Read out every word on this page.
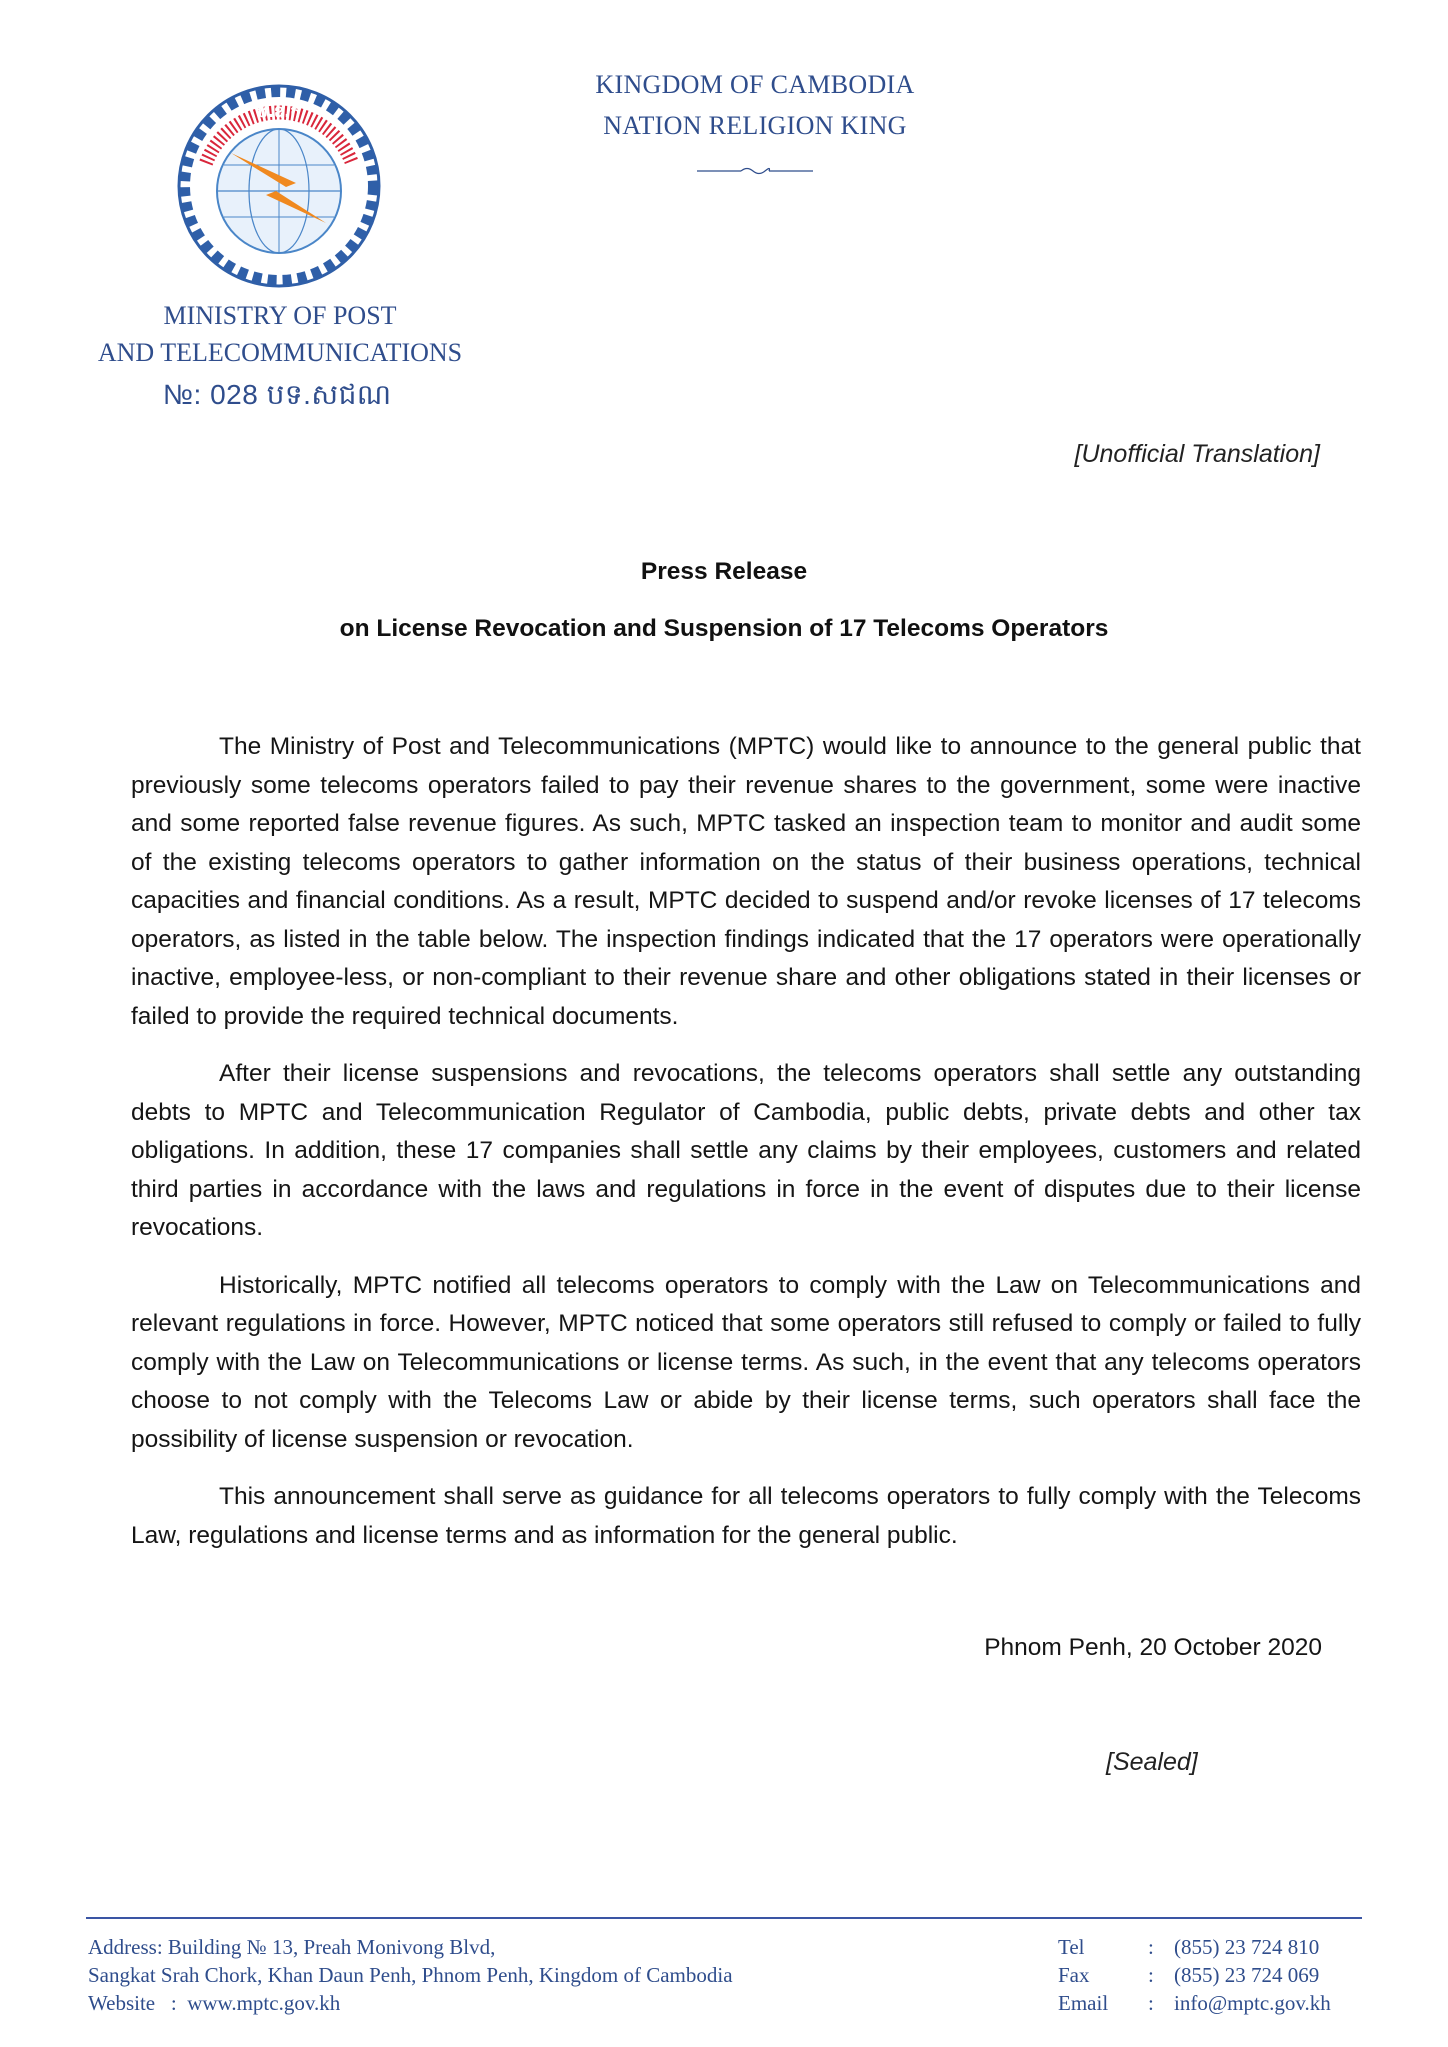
KINGDOM OF CAMBODIA
NATION RELIGION KING
ប.ឧ.ក
P.T.C
MINISTRY OF POST
AND TELECOMMUNICATIONS
№: 028 បទ.សជណ
[Unofficial Translation]
Press Release
on License Revocation and Suspension of 17 Telecoms Operators

The Ministry of Post and Telecommunications (MPTC) would like to announce to the general public that previously some telecoms operators failed to pay their revenue shares to the government, some were inactive and some reported false revenue figures. As such, MPTC tasked an inspection team to monitor and audit some of the existing telecoms operators to gather information on the status of their business operations, technical capacities and financial conditions. As a result, MPTC decided to suspend and/or revoke licenses of 17 telecoms operators, as listed in the table below. The inspection findings indicated that the 17 operators were operationally inactive, employee-less, or non-compliant to their revenue share and other obligations stated in their licenses or failed to provide the required technical documents.

After their license suspensions and revocations, the telecoms operators shall settle any outstanding debts to MPTC and Telecommunication Regulator of Cambodia, public debts, private debts and other tax obligations. In addition, these 17 companies shall settle any claims by their employees, customers and related third parties in accordance with the laws and regulations in force in the event of disputes due to their license revocations.

Historically, MPTC notified all telecoms operators to comply with the Law on Telecommunications and relevant regulations in force. However, MPTC noticed that some operators still refused to comply or failed to fully comply with the Law on Telecommunications or license terms. As such, in the event that any telecoms operators choose to not comply with the Telecoms Law or abide by their license terms, such operators shall face the possibility of license suspension or revocation.

This announcement shall serve as guidance for all telecoms operators to fully comply with the Telecoms Law, regulations and license terms and as information for the general public.

Phnom Penh, 20 October 2020
[Sealed]
Address: Building № 13, Preah Monivong Blvd,
Sangkat Srah Chork, Khan Daun Penh, Phnom Penh, Kingdom of Cambodia
Website   :  www.mptc.gov.kh
Tel	: (855) 23 724 810
Fax	: (855) 23 724 069
Email	: info@mptc.gov.kh
